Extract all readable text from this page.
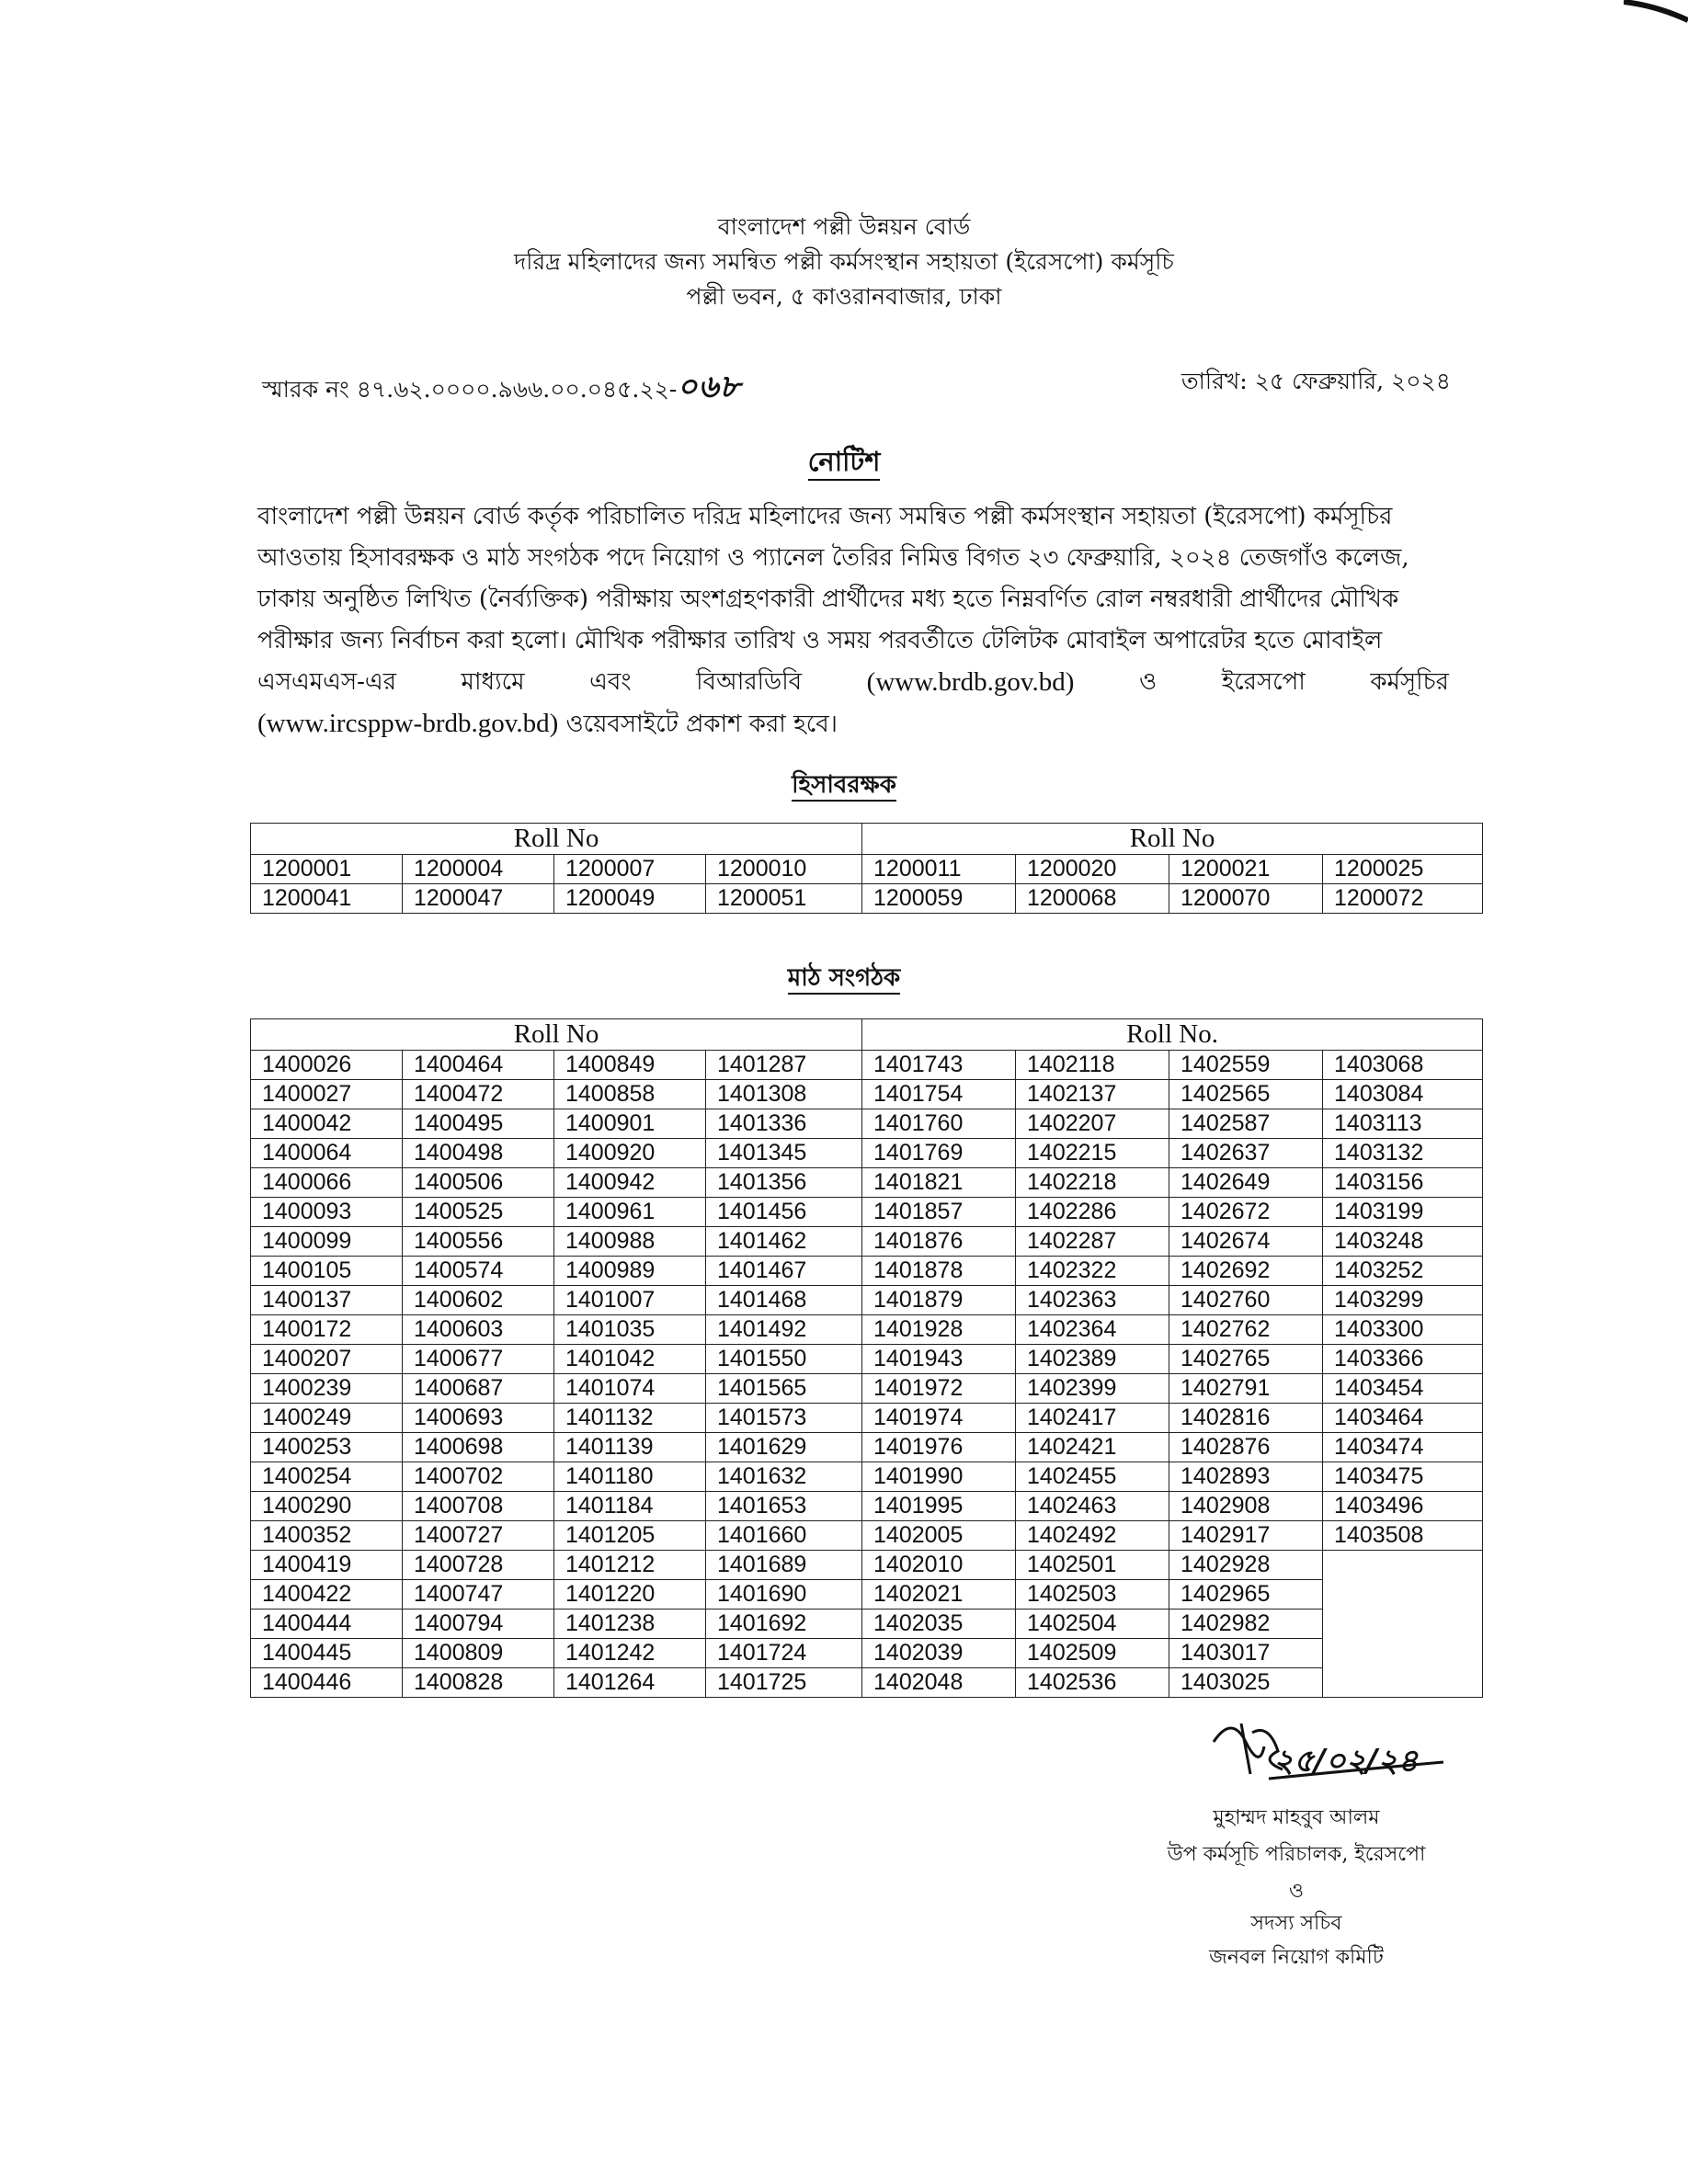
বাংলাদেশ পল্লী উন্নয়ন বোর্ড
দরিদ্র মহিলাদের জন্য সমন্বিত পল্লী কর্মসংস্থান সহায়তা (ইরেসপো) কর্মসূচি
পল্লী ভবন, ৫ কাওরানবাজার, ঢাকা
স্মারক নং ৪৭.৬২.০০০০.৯৬৬.০০.০৪৫.২২-০৬৮	তারিখ: ২৫ ফেব্রুয়ারি, ২০২৪
নোটিশ
বাংলাদেশ পল্লী উন্নয়ন বোর্ড কর্তৃক পরিচালিত দরিদ্র মহিলাদের জন্য সমন্বিত পল্লী কর্মসংস্থান সহায়তা (ইরেসপো) কর্মসূচির
আওতায় হিসাবরক্ষক ও মাঠ সংগঠক পদে নিয়োগ ও প্যানেল তৈরির নিমিত্ত বিগত ২৩ ফেব্রুয়ারি, ২০২৪ তেজগাঁও কলেজ,
ঢাকায় অনুষ্ঠিত লিখিত (নৈর্ব্যক্তিক) পরীক্ষায় অংশগ্রহণকারী প্রার্থীদের মধ্য হতে নিম্নবর্ণিত রোল নম্বরধারী প্রার্থীদের মৌখিক
পরীক্ষার জন্য নির্বাচন করা হলো। মৌখিক পরীক্ষার তারিখ ও সময় পরবর্তীতে টেলিটক মোবাইল অপারেটর হতে মোবাইল
এসএমএস-এর	মাধ্যমে	এবং	বিআরডিবি (www.brdb.gov.bd)	ও	ইরেসপো	কর্মসূচির
(www.ircsppw-brdb.gov.bd) ওয়েবসাইটে প্রকাশ করা হবে।
হিসাবরক্ষক
Roll No				Roll No			
1200001	1200004	1200007	1200010	1200011	1200020	1200021	1200025
1200041	1200047	1200049	1200051	1200059	1200068	1200070	1200072
মাঠ সংগঠক
Roll No				Roll No.			
1400026	1400464	1400849	1401287	1401743	1402118	1402559	1403068
1400027	1400472	1400858	1401308	1401754	1402137	1402565	1403084
1400042	1400495	1400901	1401336	1401760	1402207	1402587	1403113
1400064	1400498	1400920	1401345	1401769	1402215	1402637	1403132
1400066	1400506	1400942	1401356	1401821	1402218	1402649	1403156
1400093	1400525	1400961	1401456	1401857	1402286	1402672	1403199
1400099	1400556	1400988	1401462	1401876	1402287	1402674	1403248
1400105	1400574	1400989	1401467	1401878	1402322	1402692	1403252
1400137	1400602	1401007	1401468	1401879	1402363	1402760	1403299
1400172	1400603	1401035	1401492	1401928	1402364	1402762	1403300
1400207	1400677	1401042	1401550	1401943	1402389	1402765	1403366
1400239	1400687	1401074	1401565	1401972	1402399	1402791	1403454
1400249	1400693	1401132	1401573	1401974	1402417	1402816	1403464
1400253	1400698	1401139	1401629	1401976	1402421	1402876	1403474
1400254	1400702	1401180	1401632	1401990	1402455	1402893	1403475
1400290	1400708	1401184	1401653	1401995	1402463	1402908	1403496
1400352	1400727	1401205	1401660	1402005	1402492	1402917	1403508
1400419	1400728	1401212	1401689	1402010	1402501	1402928	
1400422	1400747	1401220	1401690	1402021	1402503	1402965	
1400444	1400794	1401238	1401692	1402035	1402504	1402982	
1400445	1400809	1401242	1401724	1402039	1402509	1403017	
1400446	1400828	1401264	1401725	1402048	1402536	1403025	
২৫/০২/২৪
মুহাম্মদ মাহবুব আলম
উপ কর্মসূচি পরিচালক, ইরেসপো
ও
সদস্য সচিব
জনবল নিয়োগ কমিটি
